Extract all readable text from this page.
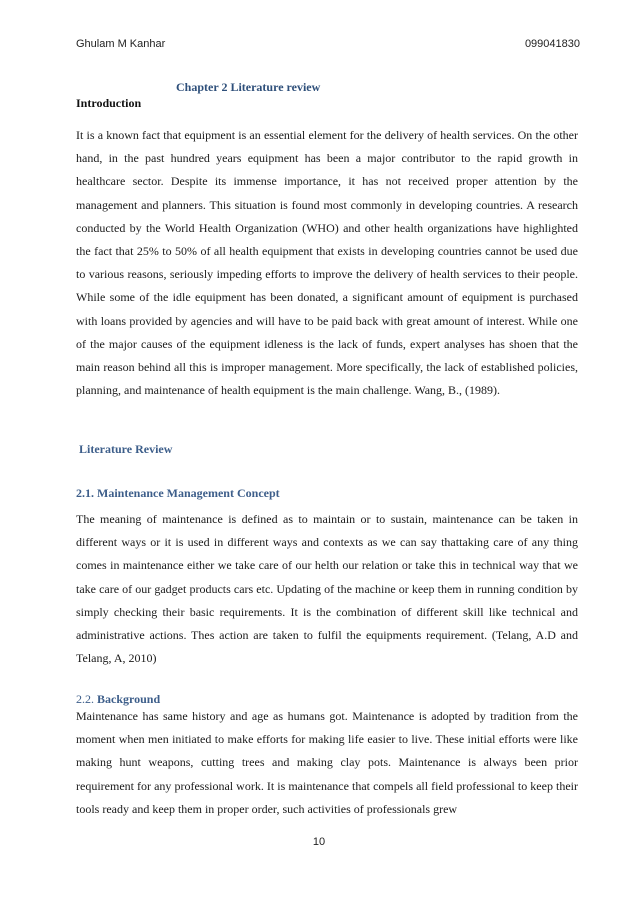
Ghulam M Kanhar	099041830
Chapter 2 Literature review
Introduction

It is a known fact that equipment is an essential element for the delivery of health services. On the other hand, in the past hundred years equipment has been a major contributor to the rapid growth in healthcare sector. Despite its immense importance, it has not received proper attention by the management and planners. This situation is found most commonly in developing countries. A research conducted by the World Health Organization (WHO) and other health organizations have highlighted the fact that 25% to 50% of all health equipment that exists in developing countries cannot be used due to various reasons, seriously impeding efforts to improve the delivery of health services to their people. While some of the idle equipment has been donated, a significant amount of equipment is purchased with loans provided by agencies and will have to be paid back with great amount of interest. While one of the major causes of the equipment idleness is the lack of funds, expert analyses has shoen that the main reason behind all this is improper management. More specifically, the lack of established policies, planning, and maintenance of health equipment is the main challenge. Wang, B., (1989).

Literature Review
2.1. Maintenance Management Concept

The meaning of maintenance is defined as to maintain or to sustain, maintenance can be taken in different ways or it is used in different ways and contexts as we can say thattaking care of any thing comes in maintenance either we take care of our helth our relation or take this in technical way that we take care of our gadget products cars etc. Updating of the machine or keep them in running condition by simply checking their basic requirements. It is the combination of different skill like technical and administrative actions. Thes action are taken to fulfil the equipments requirement. (Telang, A.D and Telang, A, 2010)

2.2. Background

Maintenance has same history and age as humans got. Maintenance is adopted by tradition from the moment when men initiated to make efforts for making life easier to live. These initial efforts were like making hunt weapons, cutting trees and making clay pots. Maintenance is always been prior requirement for any professional work. It is maintenance that compels all field professional to keep their tools ready and keep them in proper order, such activities of professionals grew

10
